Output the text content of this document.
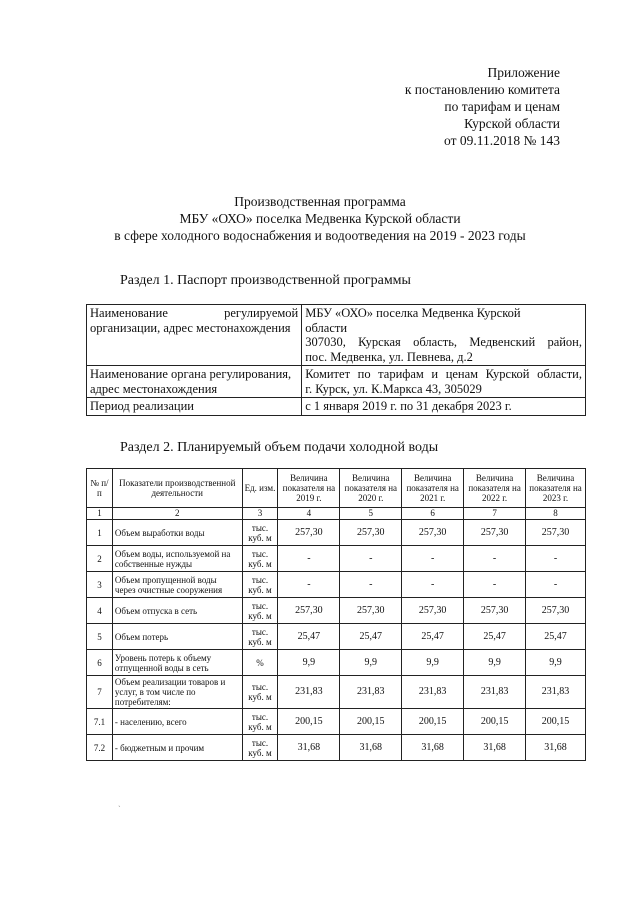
Приложение
к постановлению комитета
по тарифам и ценам
Курской области
от 09.11.2018 № 143
Производственная программа
МБУ «ОХО» поселка Медвенка Курской области
в сфере холодного водоснабжения и водоотведения на 2019 - 2023 годы
Раздел 1. Паспорт производственной программы
Наименование регулируемой
организации, адрес местонахождения	МБУ «ОХО» поселка Медвенка Курской
области
307030, Курская область, Медвенский район,
пос. Медвенка, ул. Певнева, д.2

Наименование органа регулирования,
адрес местонахождения	Комитет по тарифам и ценам Курской области,
г. Курск, ул. К.Маркса 43, 305029

Период реализации	с 1 января 2019 г. по 31 декабря 2023 г.
Раздел 2. Планируемый объем подачи холодной воды
№ п/п	Показатели производственной деятельности	Ед. изм.	Величина показателя на 2019 г.	Величина показателя на 2020 г.	Величина показателя на 2021 г.	Величина показателя на 2022 г.	Величина показателя на 2023 г.
1	2	3	4	5	6	7	8
1	Объем выработки воды	тыс. куб. м	257,30	257,30	257,30	257,30	257,30
2	Объем воды, используемой на собственные нужды	тыс. куб. м	-	-	-	-	-
3	Объем пропущенной воды через очистные сооружения	тыс. куб. м	-	-	-	-	-
4	Объем отпуска в сеть	тыс. куб. м	257,30	257,30	257,30	257,30	257,30
5	Объем потерь	тыс. куб. м	25,47	25,47	25,47	25,47	25,47
6	Уровень потерь к объему отпущенной воды в сеть	%	9,9	9,9	9,9	9,9	9,9
7	Объем реализации товаров и услуг, в том числе по потребителям:	тыс. куб. м	231,83	231,83	231,83	231,83	231,83
7.1	- населению, всего	тыс. куб. м	200,15	200,15	200,15	200,15	200,15
7.2	- бюджетным и прочим	тыс. куб. м	31,68	31,68	31,68	31,68	31,68
ˎ
